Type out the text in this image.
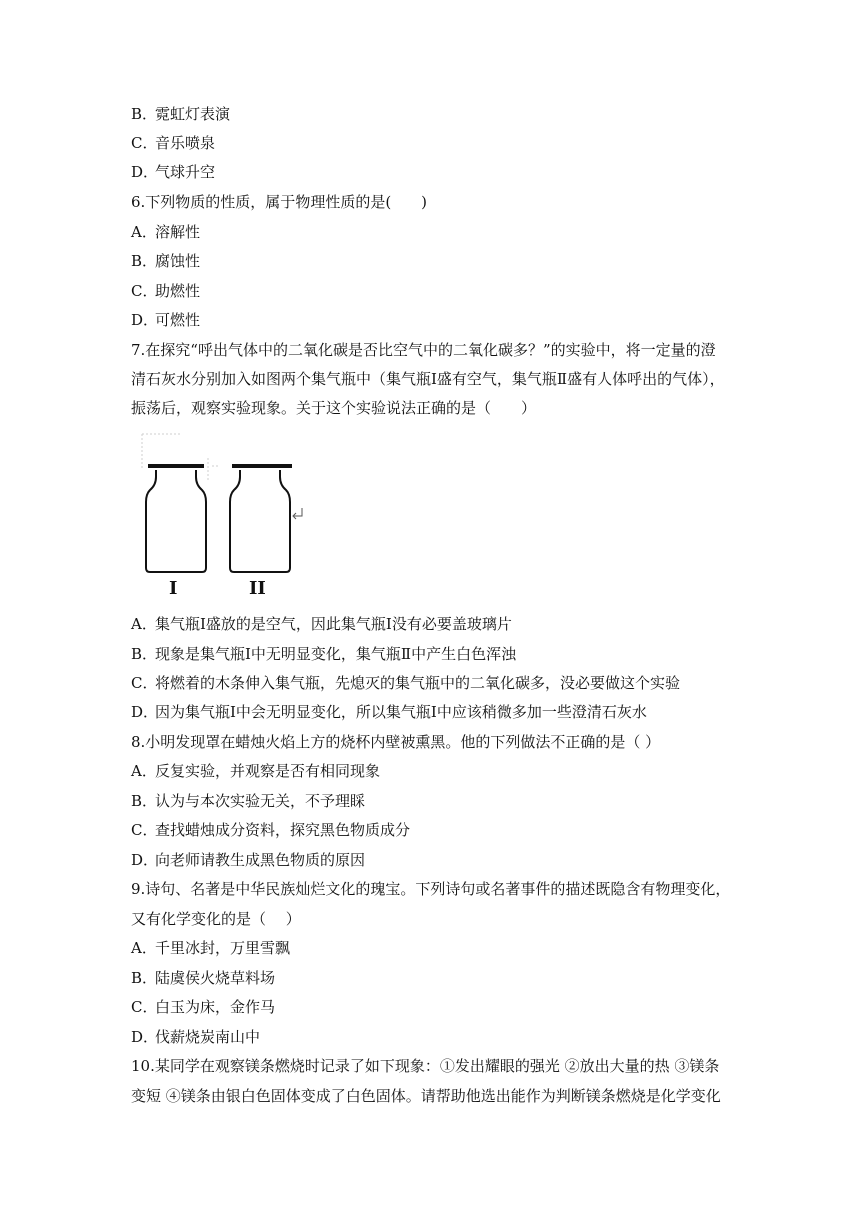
B．霓虹灯表演
C．音乐喷泉
D．气球升空
6.下列物质的性质，属于物理性质的是(　　)
A．溶解性
B．腐蚀性
C．助燃性
D．可燃性
7.在探究“呼出气体中的二氧化碳是否比空气中的二氧化碳多？”的实验中，将一定量的澄
清石灰水分别加入如图两个集气瓶中（集气瓶Ⅰ盛有空气，集气瓶Ⅱ盛有人体呼出的气体），
振荡后，观察实验现象。关于这个实验说法正确的是（　　）
I	II
A．集气瓶Ⅰ盛放的是空气，因此集气瓶Ⅰ没有必要盖玻璃片
B．现象是集气瓶Ⅰ中无明显变化，集气瓶Ⅱ中产生白色浑浊
C．将燃着的木条伸入集气瓶，先熄灭的集气瓶中的二氧化碳多，没必要做这个实验
D．因为集气瓶Ⅰ中会无明显变化，所以集气瓶Ⅰ中应该稍微多加一些澄清石灰水
8.小明发现罩在蜡烛火焰上方的烧杯内壁被熏黑。他的下列做法不正确的是（ ）
A．反复实验，并观察是否有相同现象
B．认为与本次实验无关，不予理睬
C．查找蜡烛成分资料，探究黑色物质成分
D．向老师请教生成黑色物质的原因
9.诗句、名著是中华民族灿烂文化的瑰宝。下列诗句或名著事件的描述既隐含有物理变化，
又有化学变化的是（　 ）
A．千里冰封，万里雪飘
B．陆虞侯火烧草料场
C．白玉为床，金作马
D．伐薪烧炭南山中
10.某同学在观察镁条燃烧时记录了如下现象：①发出耀眼的强光 ②放出大量的热 ③镁条
变短 ④镁条由银白色固体变成了白色固体。请帮助他选出能作为判断镁条燃烧是化学变化
